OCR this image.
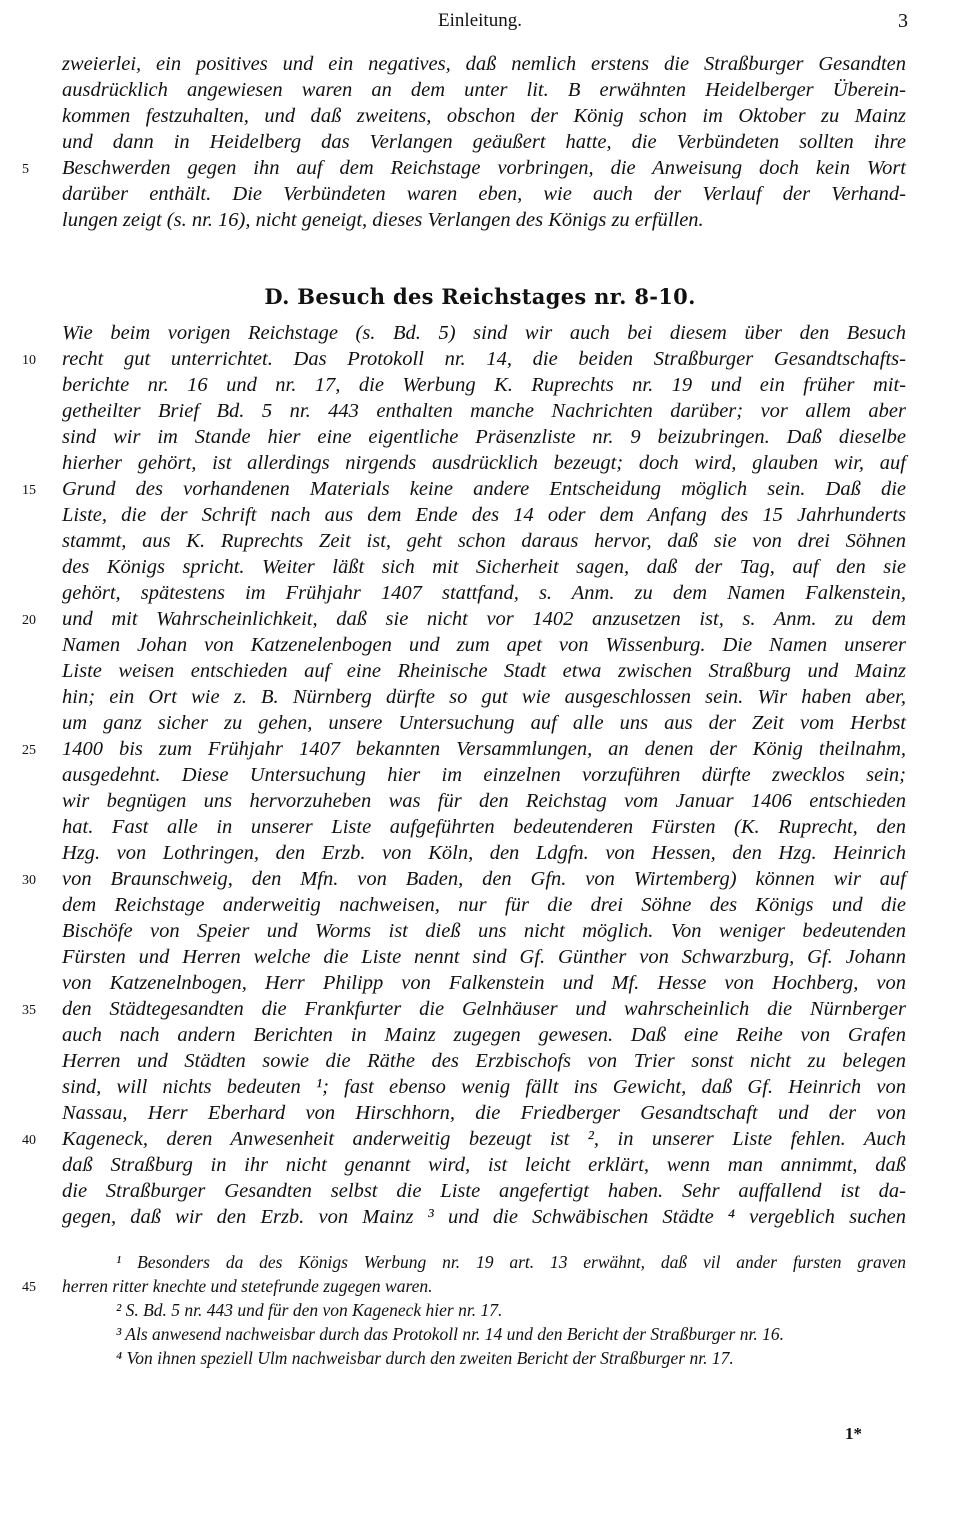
Einleitung.	3
zweierlei, ein positives und ein negatives, daß nemlich erstens die Straßburger Gesandten
ausdrücklich angewiesen waren an dem unter lit. B erwähnten Heidelberger Überein-
kommen festzuhalten, und daß zweitens, obschon der König schon im Oktober zu Mainz
und dann in Heidelberg das Verlangen geäußert hatte, die Verbündeten sollten ihre
Beschwerden gegen ihn auf dem Reichstage vorbringen, die Anweisung doch kein Wort
darüber enthält. Die Verbündeten waren eben, wie auch der Verlauf der Verhand-
lungen zeigt (s. nr. 16), nicht geneigt, dieses Verlangen des Königs zu erfüllen.
D. Besuch des Reichstages nr. 8-10.
Wie beim vorigen Reichstage (s. Bd. 5) sind wir auch bei diesem über den Besuch
recht gut unterrichtet. Das Protokoll nr. 14, die beiden Straßburger Gesandtschafts-
berichte nr. 16 und nr. 17, die Werbung K. Ruprechts nr. 19 und ein früher mit-
getheilter Brief Bd. 5 nr. 443 enthalten manche Nachrichten darüber; vor allem aber
sind wir im Stande hier eine eigentliche Präsenzliste nr. 9 beizubringen. Daß dieselbe
hierher gehört, ist allerdings nirgends ausdrücklich bezeugt; doch wird, glauben wir, auf
Grund des vorhandenen Materials keine andere Entscheidung möglich sein. Daß die
Liste, die der Schrift nach aus dem Ende des 14 oder dem Anfang des 15 Jahrhunderts
stammt, aus K. Ruprechts Zeit ist, geht schon daraus hervor, daß sie von drei Söhnen
des Königs spricht. Weiter läßt sich mit Sicherheit sagen, daß der Tag, auf den sie
gehört, spätestens im Frühjahr 1407 stattfand, s. Anm. zu dem Namen Falkenstein,
und mit Wahrscheinlichkeit, daß sie nicht vor 1402 anzusetzen ist, s. Anm. zu dem
Namen Johan von Katzenelenbogen und zum apet von Wissenburg. Die Namen unserer
Liste weisen entschieden auf eine Rheinische Stadt etwa zwischen Straßburg und Mainz
hin; ein Ort wie z. B. Nürnberg dürfte so gut wie ausgeschlossen sein. Wir haben aber,
um ganz sicher zu gehen, unsere Untersuchung auf alle uns aus der Zeit vom Herbst
1400 bis zum Frühjahr 1407 bekannten Versammlungen, an denen der König theilnahm,
ausgedehnt. Diese Untersuchung hier im einzelnen vorzuführen dürfte zwecklos sein;
wir begnügen uns hervorzuheben was für den Reichstag vom Januar 1406 entschieden
hat. Fast alle in unserer Liste aufgeführten bedeutenderen Fürsten (K. Ruprecht, den
Hzg. von Lothringen, den Erzb. von Köln, den Ldgfn. von Hessen, den Hzg. Heinrich
von Braunschweig, den Mfn. von Baden, den Gfn. von Wirtemberg) können wir auf
dem Reichstage anderweitig nachweisen, nur für die drei Söhne des Königs und die
Bischöfe von Speier und Worms ist dieß uns nicht möglich. Von weniger bedeutenden
Fürsten und Herren welche die Liste nennt sind Gf. Günther von Schwarzburg, Gf. Johann
von Katzenelnbogen, Herr Philipp von Falkenstein und Mf. Hesse von Hochberg, von
den Städtegesandten die Frankfurter die Gelnhäuser und wahrscheinlich die Nürnberger
auch nach andern Berichten in Mainz zugegen gewesen. Daß eine Reihe von Grafen
Herren und Städten sowie die Räthe des Erzbischofs von Trier sonst nicht zu belegen
sind, will nichts bedeuten ¹; fast ebenso wenig fällt ins Gewicht, daß Gf. Heinrich von
Nassau, Herr Eberhard von Hirschhorn, die Friedberger Gesandtschaft und der von
Kageneck, deren Anwesenheit anderweitig bezeugt ist ², in unserer Liste fehlen. Auch
daß Straßburg in ihr nicht genannt wird, ist leicht erklärt, wenn man annimmt, daß
die Straßburger Gesandten selbst die Liste angefertigt haben. Sehr auffallend ist da-
gegen, daß wir den Erzb. von Mainz ³ und die Schwäbischen Städte ⁴ vergeblich suchen
5
10
15
20
25
30
35
40
45
¹ Besonders da des Königs Werbung nr. 19 art. 13 erwähnt, daß vil ander fursten graven
herren ritter knechte und stetefrunde zugegen waren.
² S. Bd. 5 nr. 443 und für den von Kageneck hier nr. 17.
³ Als anwesend nachweisbar durch das Protokoll nr. 14 und den Bericht der Straßburger nr. 16.
⁴ Von ihnen speziell Ulm nachweisbar durch den zweiten Bericht der Straßburger nr. 17.
1*
